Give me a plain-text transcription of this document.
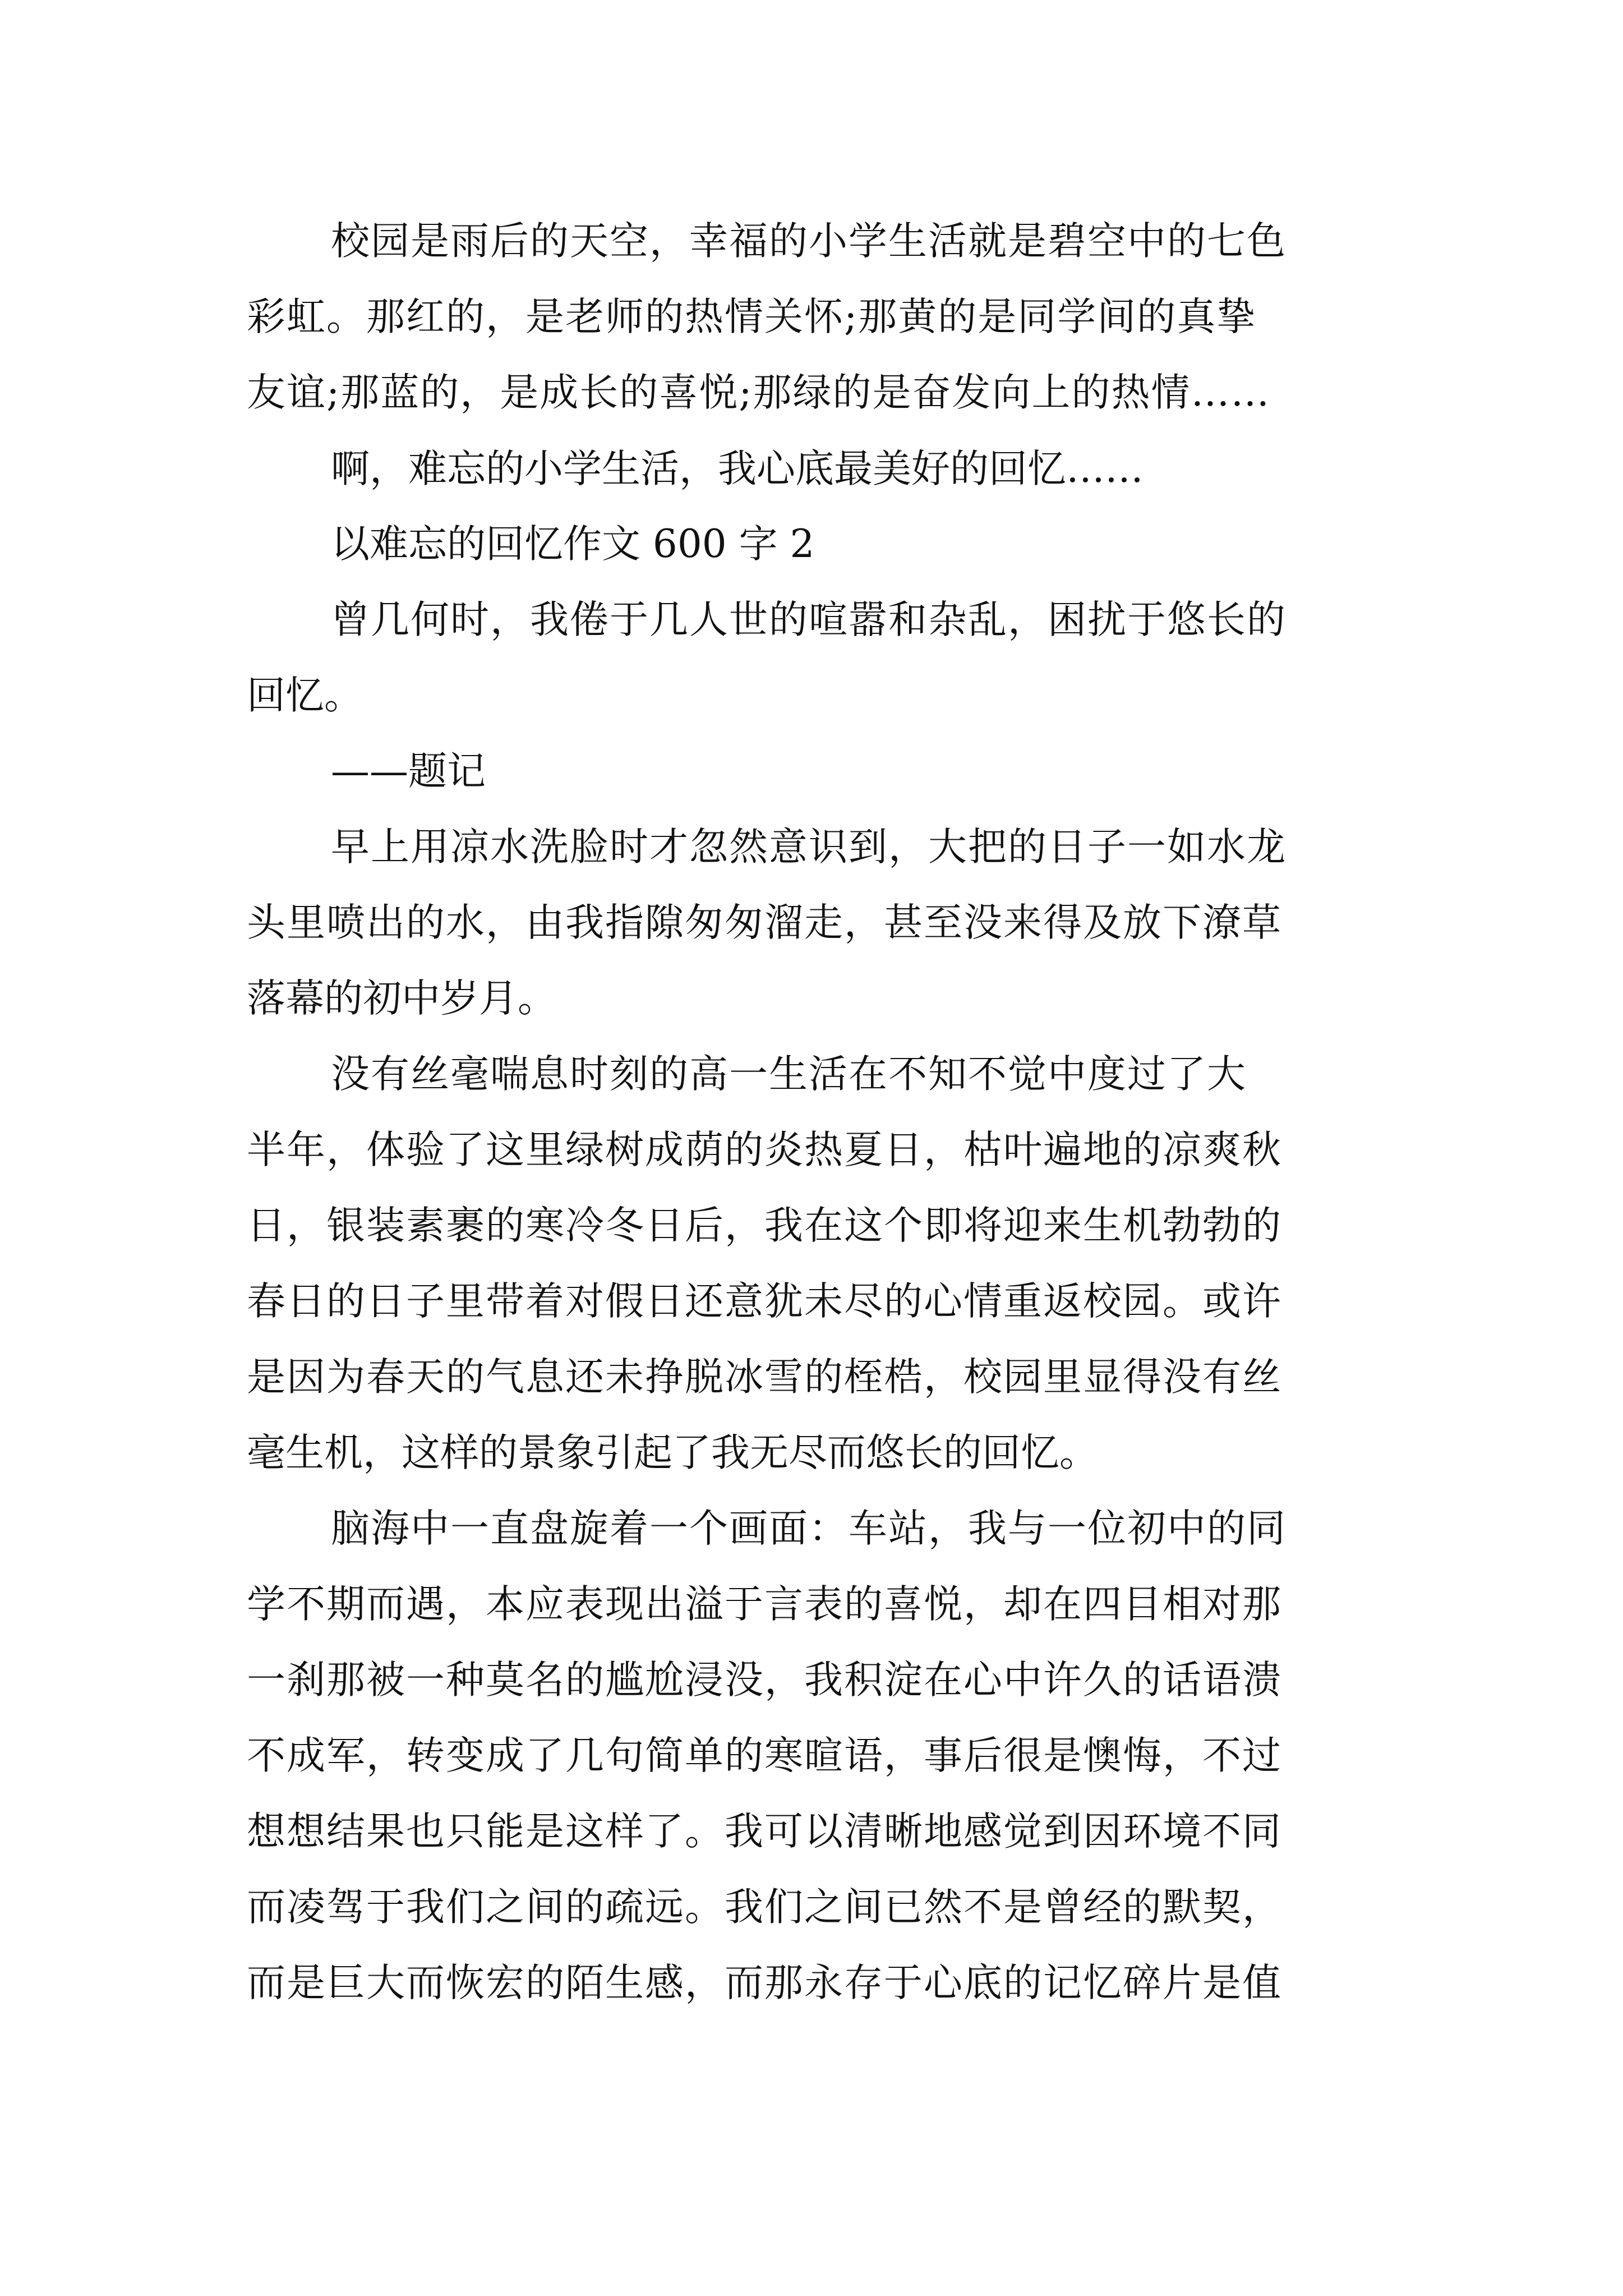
校园是雨后的天空，幸福的小学生活就是碧空中的七色
彩虹。那红的，是老师的热情关怀;那黄的是同学间的真挚
友谊;那蓝的，是成长的喜悦;那绿的是奋发向上的热情……
啊，难忘的小学生活，我心底最美好的回忆……
以难忘的回忆作文 600 字 2
曾几何时，我倦于几人世的喧嚣和杂乱，困扰于悠长的
回忆。
——题记
早上用凉水洗脸时才忽然意识到，大把的日子一如水龙
头里喷出的水，由我指隙匆匆溜走，甚至没来得及放下潦草
落幕的初中岁月。
没有丝毫喘息时刻的高一生活在不知不觉中度过了大
半年，体验了这里绿树成荫的炎热夏日，枯叶遍地的凉爽秋
日，银装素裹的寒冷冬日后，我在这个即将迎来生机勃勃的
春日的日子里带着对假日还意犹未尽的心情重返校园。或许
是因为春天的气息还未挣脱冰雪的桎梏，校园里显得没有丝
毫生机，这样的景象引起了我无尽而悠长的回忆。
脑海中一直盘旋着一个画面：车站，我与一位初中的同
学不期而遇，本应表现出溢于言表的喜悦，却在四目相对那
一刹那被一种莫名的尴尬浸没，我积淀在心中许久的话语溃
不成军，转变成了几句简单的寒暄语，事后很是懊悔，不过
想想结果也只能是这样了。我可以清晰地感觉到因环境不同
而凌驾于我们之间的疏远。我们之间已然不是曾经的默契，
而是巨大而恢宏的陌生感，而那永存于心底的记忆碎片是值
